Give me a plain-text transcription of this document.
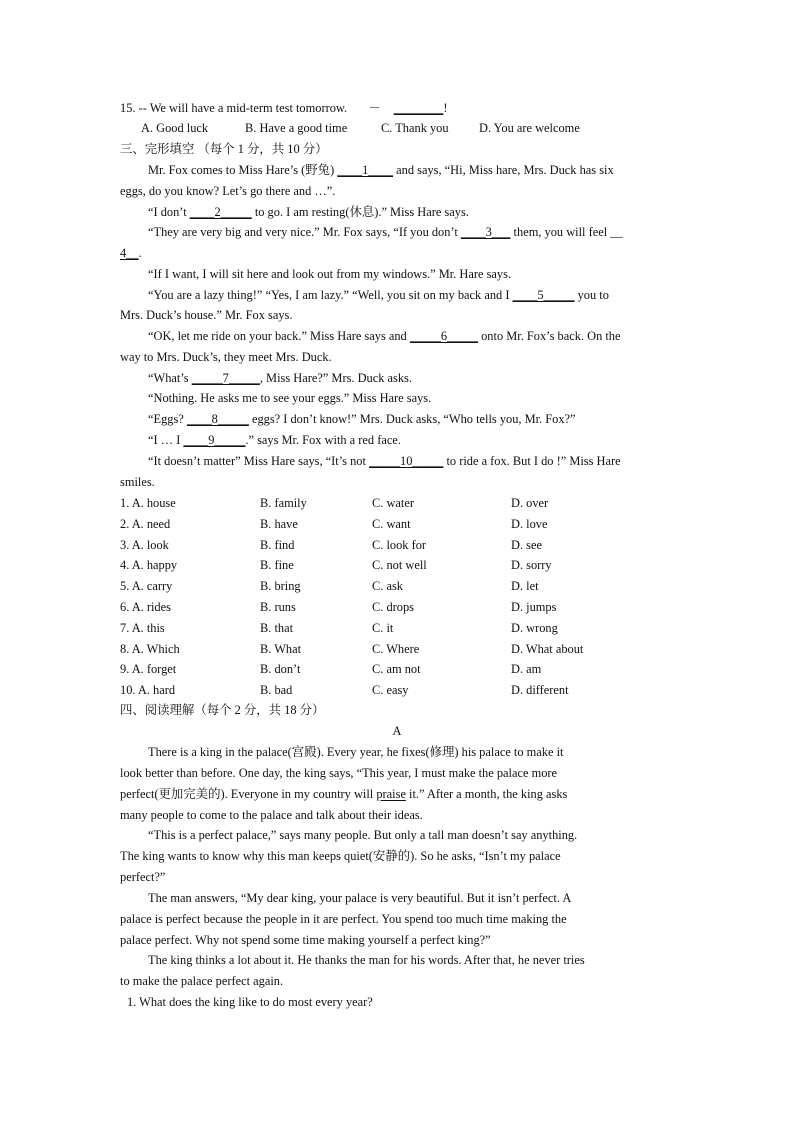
15. -- We will have a mid-term test tomorrow. － ________!
A. Good luck	B. Have a good time	C. Thank you D. You are welcome
三、完形填空 （每个 1 分，共 10 分）
Mr. Fox comes to Miss Hare’s (野兔) ____1____ and says, “Hi, Miss hare, Mrs. Duck has six
eggs, do you know? Let’s go there and …”.
“I don’t ____2_____ to go. I am resting(休息).” Miss Hare says.
“They are very big and very nice.” Mr. Fox says, “If you don’t ____3___ them, you will feel __
4__.
“If I want, I will sit here and look out from my windows.” Mr. Hare says.
“You are a lazy thing!” “Yes, I am lazy.” “Well, you sit on my back and I ____5_____ you to
Mrs. Duck’s house.” Mr. Fox says.
“OK, let me ride on your back.” Miss Hare says and _____6_____ onto Mr. Fox’s back. On the
way to Mrs. Duck’s, they meet Mrs. Duck.
“What’s _____7_____, Miss Hare?” Mrs. Duck asks.
“Nothing. He asks me to see your eggs.” Miss Hare says.
“Eggs? ____8_____ eggs? I don’t know!” Mrs. Duck asks, “Who tells you, Mr. Fox?”
“I … I ____9_____.” says Mr. Fox with a red face.
“It doesn’t matter” Miss Hare says, “It’s not _____10_____ to ride a fox. But I do !” Miss Hare
smiles.
1. A. house	B. family	C. water	D. over
2. A. need	B. have	C. want	D. love
3. A. look	B. find	C. look for	D. see
4. A. happy	B. fine	C. not well	D. sorry
5. A. carry	B. bring	C. ask	D. let
6. A. rides	B. runs	C. drops	D. jumps
7. A. this	B. that	C. it	D. wrong
8. A. Which	B. What	C. Where	D. What about
9. A. forget	B. don’t	C. am not	D. am
10. A. hard	B. bad	C. easy	D. different
四、阅读理解（每个 2 分，共 18 分）
A
There is a king in the palace(宫殿). Every year, he fixes(修理) his palace to make it
look better than before. One day, the king says, “This year, I must make the palace more
perfect(更加完美的). Everyone in my country will praise it.” After a month, the king asks
many people to come to the palace and talk about their ideas.
“This is a perfect palace,” says many people. But only a tall man doesn’t say anything.
The king wants to know why this man keeps quiet(安静的). So he asks, “Isn’t my palace
perfect?”
The man answers, “My dear king, your palace is very beautiful. But it isn’t perfect. A
palace is perfect because the people in it are perfect. You spend too much time making the
palace perfect. Why not spend some time making yourself a perfect king?”
The king thinks a lot about it. He thanks the man for his words. After that, he never tries
to make the palace perfect again.
1. What does the king like to do most every year?
